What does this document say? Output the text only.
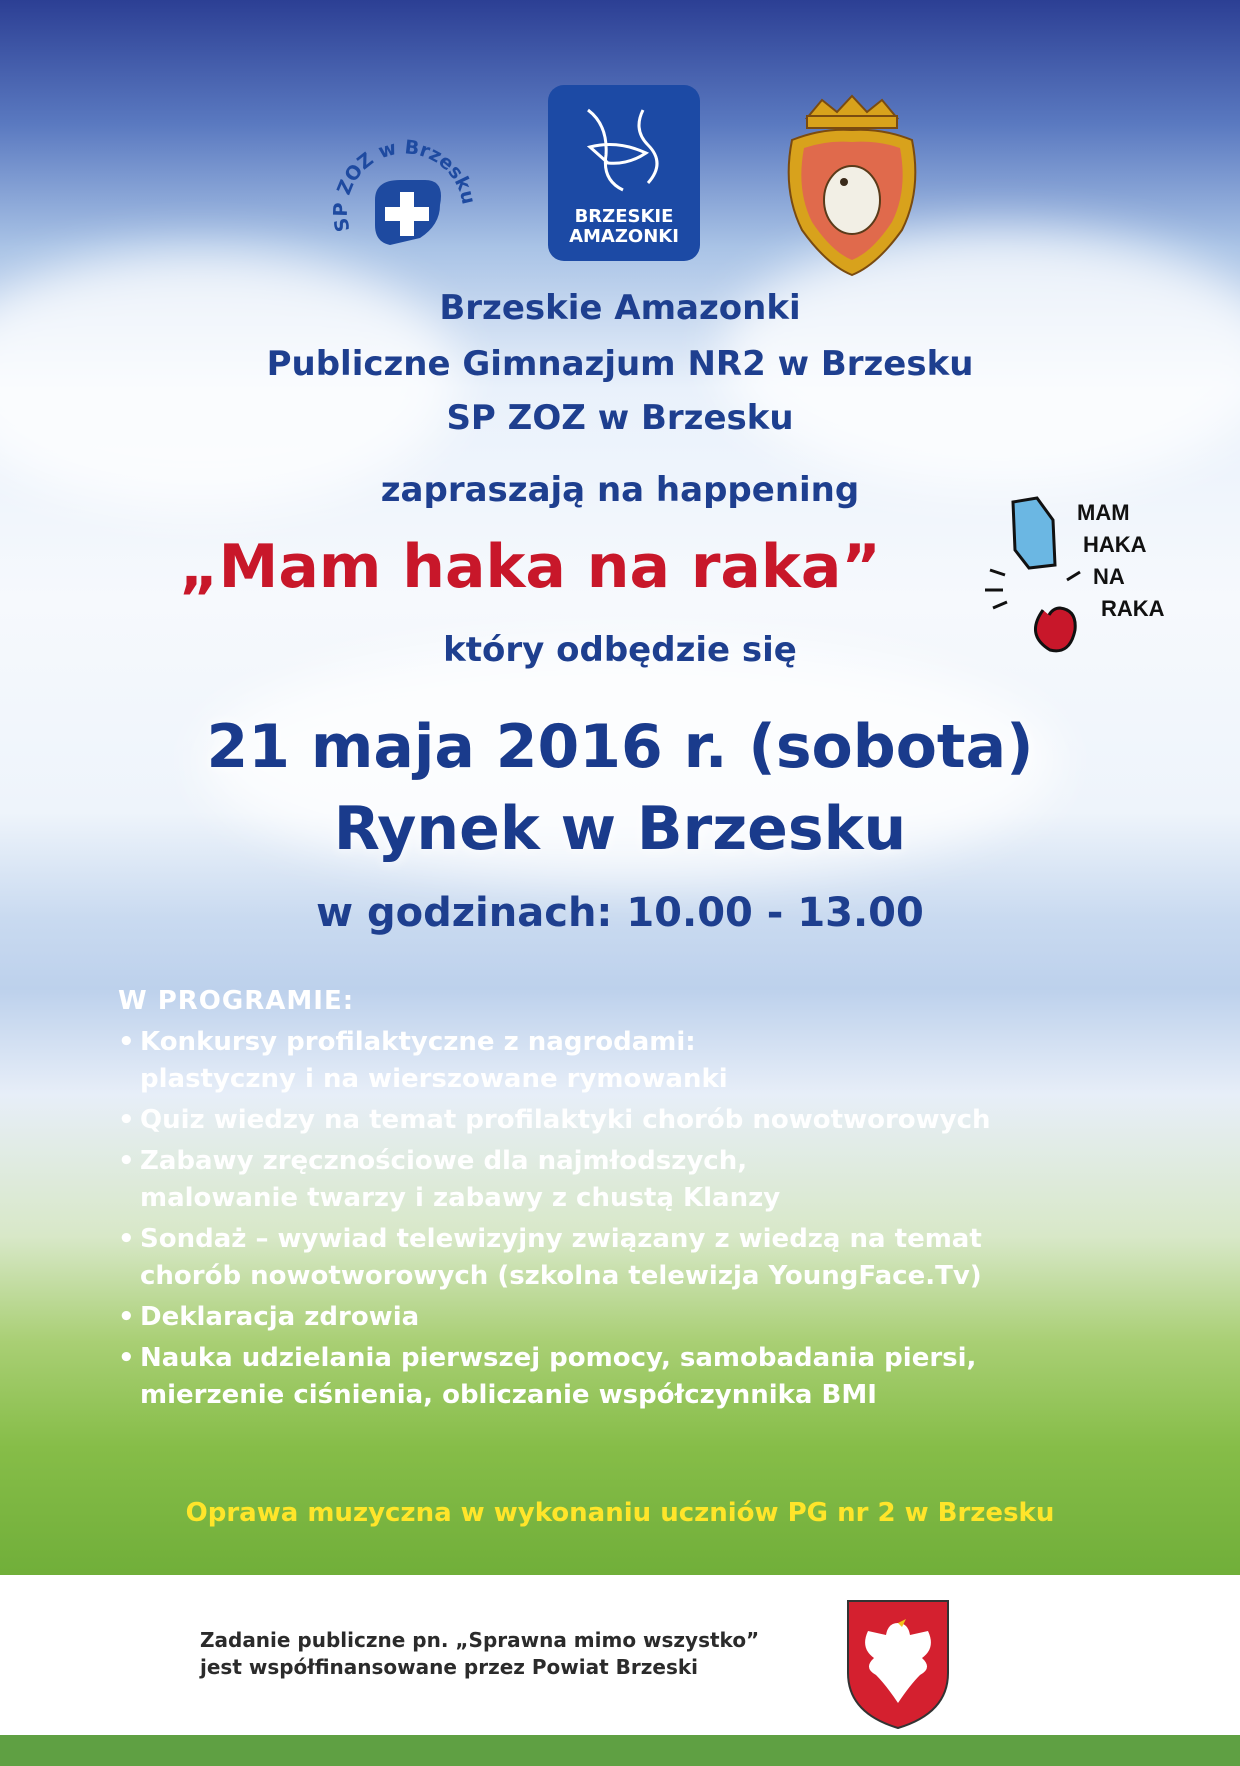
SP ZOZ w Brzesku
BRZESKIE
AMAZONKI
Brzeskie Amazonki
Publiczne Gimnazjum NR2 w Brzesku
SP ZOZ w Brzesku
zapraszają na happening
„Mam haka na raka”
MAM
HAKA
NA
RAKA
który odbędzie się
21 maja 2016 r. (sobota)
Rynek w Brzesku
w godzinach: 10.00 - 13.00
W PROGRAMIE:
• Konkursy profilaktyczne z nagrodami:
plastyczny i na wierszowane rymowanki
• Quiz wiedzy na temat profilaktyki chorób nowotworowych
• Zabawy zręcznościowe dla najmłodszych,
malowanie twarzy i zabawy z chustą Klanzy
• Sondaż – wywiad telewizyjny związany z wiedzą na temat
chorób nowotworowych (szkolna telewizja YoungFace.Tv)
• Deklaracja zdrowia
• Nauka udzielania pierwszej pomocy, samobadania piersi,
mierzenie ciśnienia, obliczanie współczynnika BMI
Oprawa muzyczna w wykonaniu uczniów PG nr 2 w Brzesku
Zadanie publiczne pn. „Sprawna mimo wszystko”
jest współfinansowane przez Powiat Brzeski
